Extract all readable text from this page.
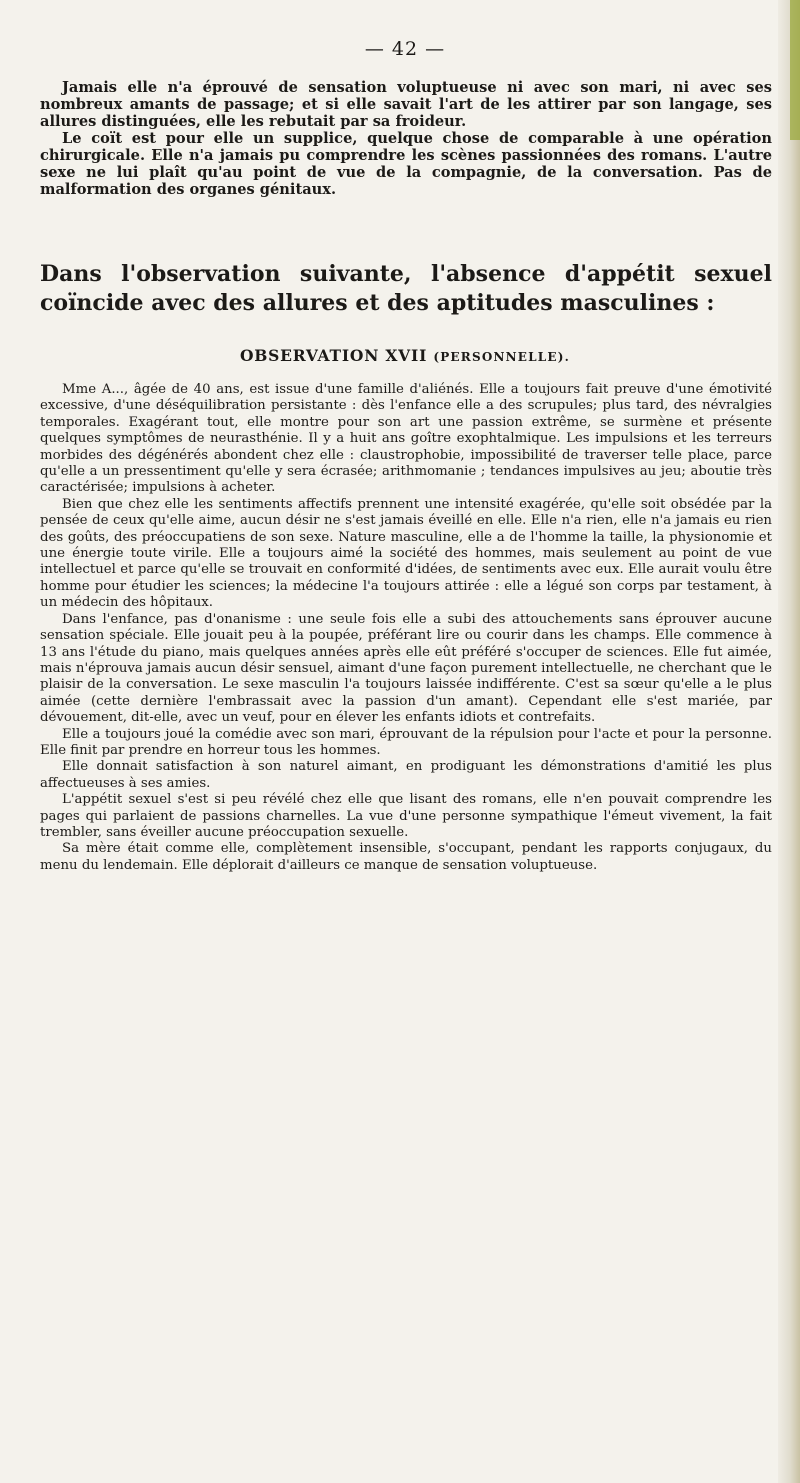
— 42 —

Jamais elle n'a éprouvé de sensation voluptueuse ni avec son mari, ni avec ses nombreux amants de passage; et si elle savait l'art de les attirer par son langage, ses allures distinguées, elle les rebutait par sa froideur.

Le coït est pour elle un supplice, quelque chose de comparable à une opération chirurgicale. Elle n'a jamais pu comprendre les scènes passionnées des romans. L'autre sexe ne lui plaît qu'au point de vue de la compagnie, de la conversation. Pas de malformation des organes génitaux.

Dans l'observation suivante, l'absence d'appétit sexuel coïncide avec des allures et des aptitudes masculines :
OBSERVATION XVII (PERSONNELLE).

Mme A..., âgée de 40 ans, est issue d'une famille d'aliénés. Elle a toujours fait preuve d'une émotivité excessive, d'une déséquilibration persistante : dès l'enfance elle a des scrupules; plus tard, des névralgies temporales. Exagérant tout, elle montre pour son art une passion extrême, se surmène et présente quelques symptômes de neurasthénie. Il y a huit ans goître exophtalmique. Les impulsions et les terreurs morbides des dégénérés abondent chez elle : claustrophobie, impossibilité de traverser telle place, parce qu'elle a un pressentiment qu'elle y sera écrasée; arithmomanie ; tendances impulsives au jeu; aboutie très caractérisée; impulsions à acheter.

Bien que chez elle les sentiments affectifs prennent une intensité exagérée, qu'elle soit obsédée par la pensée de ceux qu'elle aime, aucun désir ne s'est jamais éveillé en elle. Elle n'a rien, elle n'a jamais eu rien des goûts, des préoccupatiens de son sexe. Nature masculine, elle a de l'homme la taille, la physionomie et une énergie toute virile. Elle a toujours aimé la société des hommes, mais seulement au point de vue intellectuel et parce qu'elle se trouvait en conformité d'idées, de sentiments avec eux. Elle aurait voulu être homme pour étudier les sciences; la médecine l'a toujours attirée : elle a légué son corps par testament, à un médecin des hôpitaux.

Dans l'enfance, pas d'onanisme : une seule fois elle a subi des attouchements sans éprouver aucune sensation spéciale. Elle jouait peu à la poupée, préférant lire ou courir dans les champs. Elle commence à 13 ans l'étude du piano, mais quelques années après elle eût préféré s'occuper de sciences. Elle fut aimée, mais n'éprouva jamais aucun désir sensuel, aimant d'une façon purement intellectuelle, ne cherchant que le plaisir de la conversation. Le sexe masculin l'a toujours laissée indifférente. C'est sa sœur qu'elle a le plus aimée (cette dernière l'embrassait avec la passion d'un amant). Cependant elle s'est mariée, par dévouement, dit-elle, avec un veuf, pour en élever les enfants idiots et contrefaits.

Elle a toujours joué la comédie avec son mari, éprouvant de la répulsion pour l'acte et pour la personne. Elle finit par prendre en horreur tous les hommes.

Elle donnait satisfaction à son naturel aimant, en prodiguant les démonstrations d'amitié les plus affectueuses à ses amies.

L'appétit sexuel s'est si peu révélé chez elle que lisant des romans, elle n'en pouvait comprendre les pages qui parlaient de passions charnelles. La vue d'une personne sympathique l'émeut vivement, la fait trembler, sans éveiller aucune préoccupation sexuelle.

Sa mère était comme elle, complètement insensible, s'occupant, pendant les rapports conjugaux, du menu du lendemain. Elle déplorait d'ailleurs ce manque de sensation voluptueuse.
